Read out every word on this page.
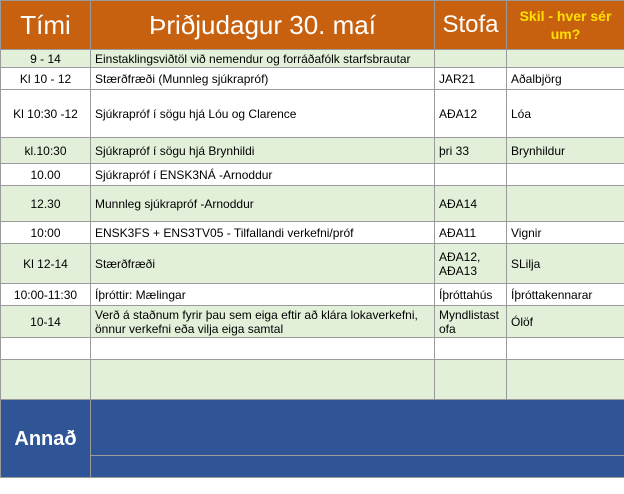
Tími	Þriðjudagur 30. maí	Stofa	Skil - hver sér um?
9 - 14	Einstaklingsviðtöl við nemendur og forráðafólk starfsbrautar		
Kl 10 - 12	Stærðfræði (Munnleg sjúkrapróf)	JAR21	Aðalbjörg
Kl 10:30 -12	Sjúkrapróf í sögu hjá Lóu og Clarence	AÐA12	Lóa
kl.10:30	Sjúkrapróf í sögu hjá Brynhildi	þri 33	Brynhildur
10.00	Sjúkrapróf í ENSK3NÁ -Arnoddur		
12.30	Munnleg sjúkrapróf -Arnoddur	AÐA14	
10:00	ENSK3FS + ENS3TV05 - Tilfallandi verkefni/próf	AÐA11	Vignir
Kl 12-14	Stærðfræði	AÐA12, AÐA13	SLilja
10:00-11:30	Íþróttir: Mælingar	Íþróttahús	Íþróttakennarar
10-14	Verð á staðnum fyrir þau sem eiga eftir að klára lokaverkefni, önnur verkefni eða vilja eiga samtal	Myndlistast ofa	Ólöf

Annað			
